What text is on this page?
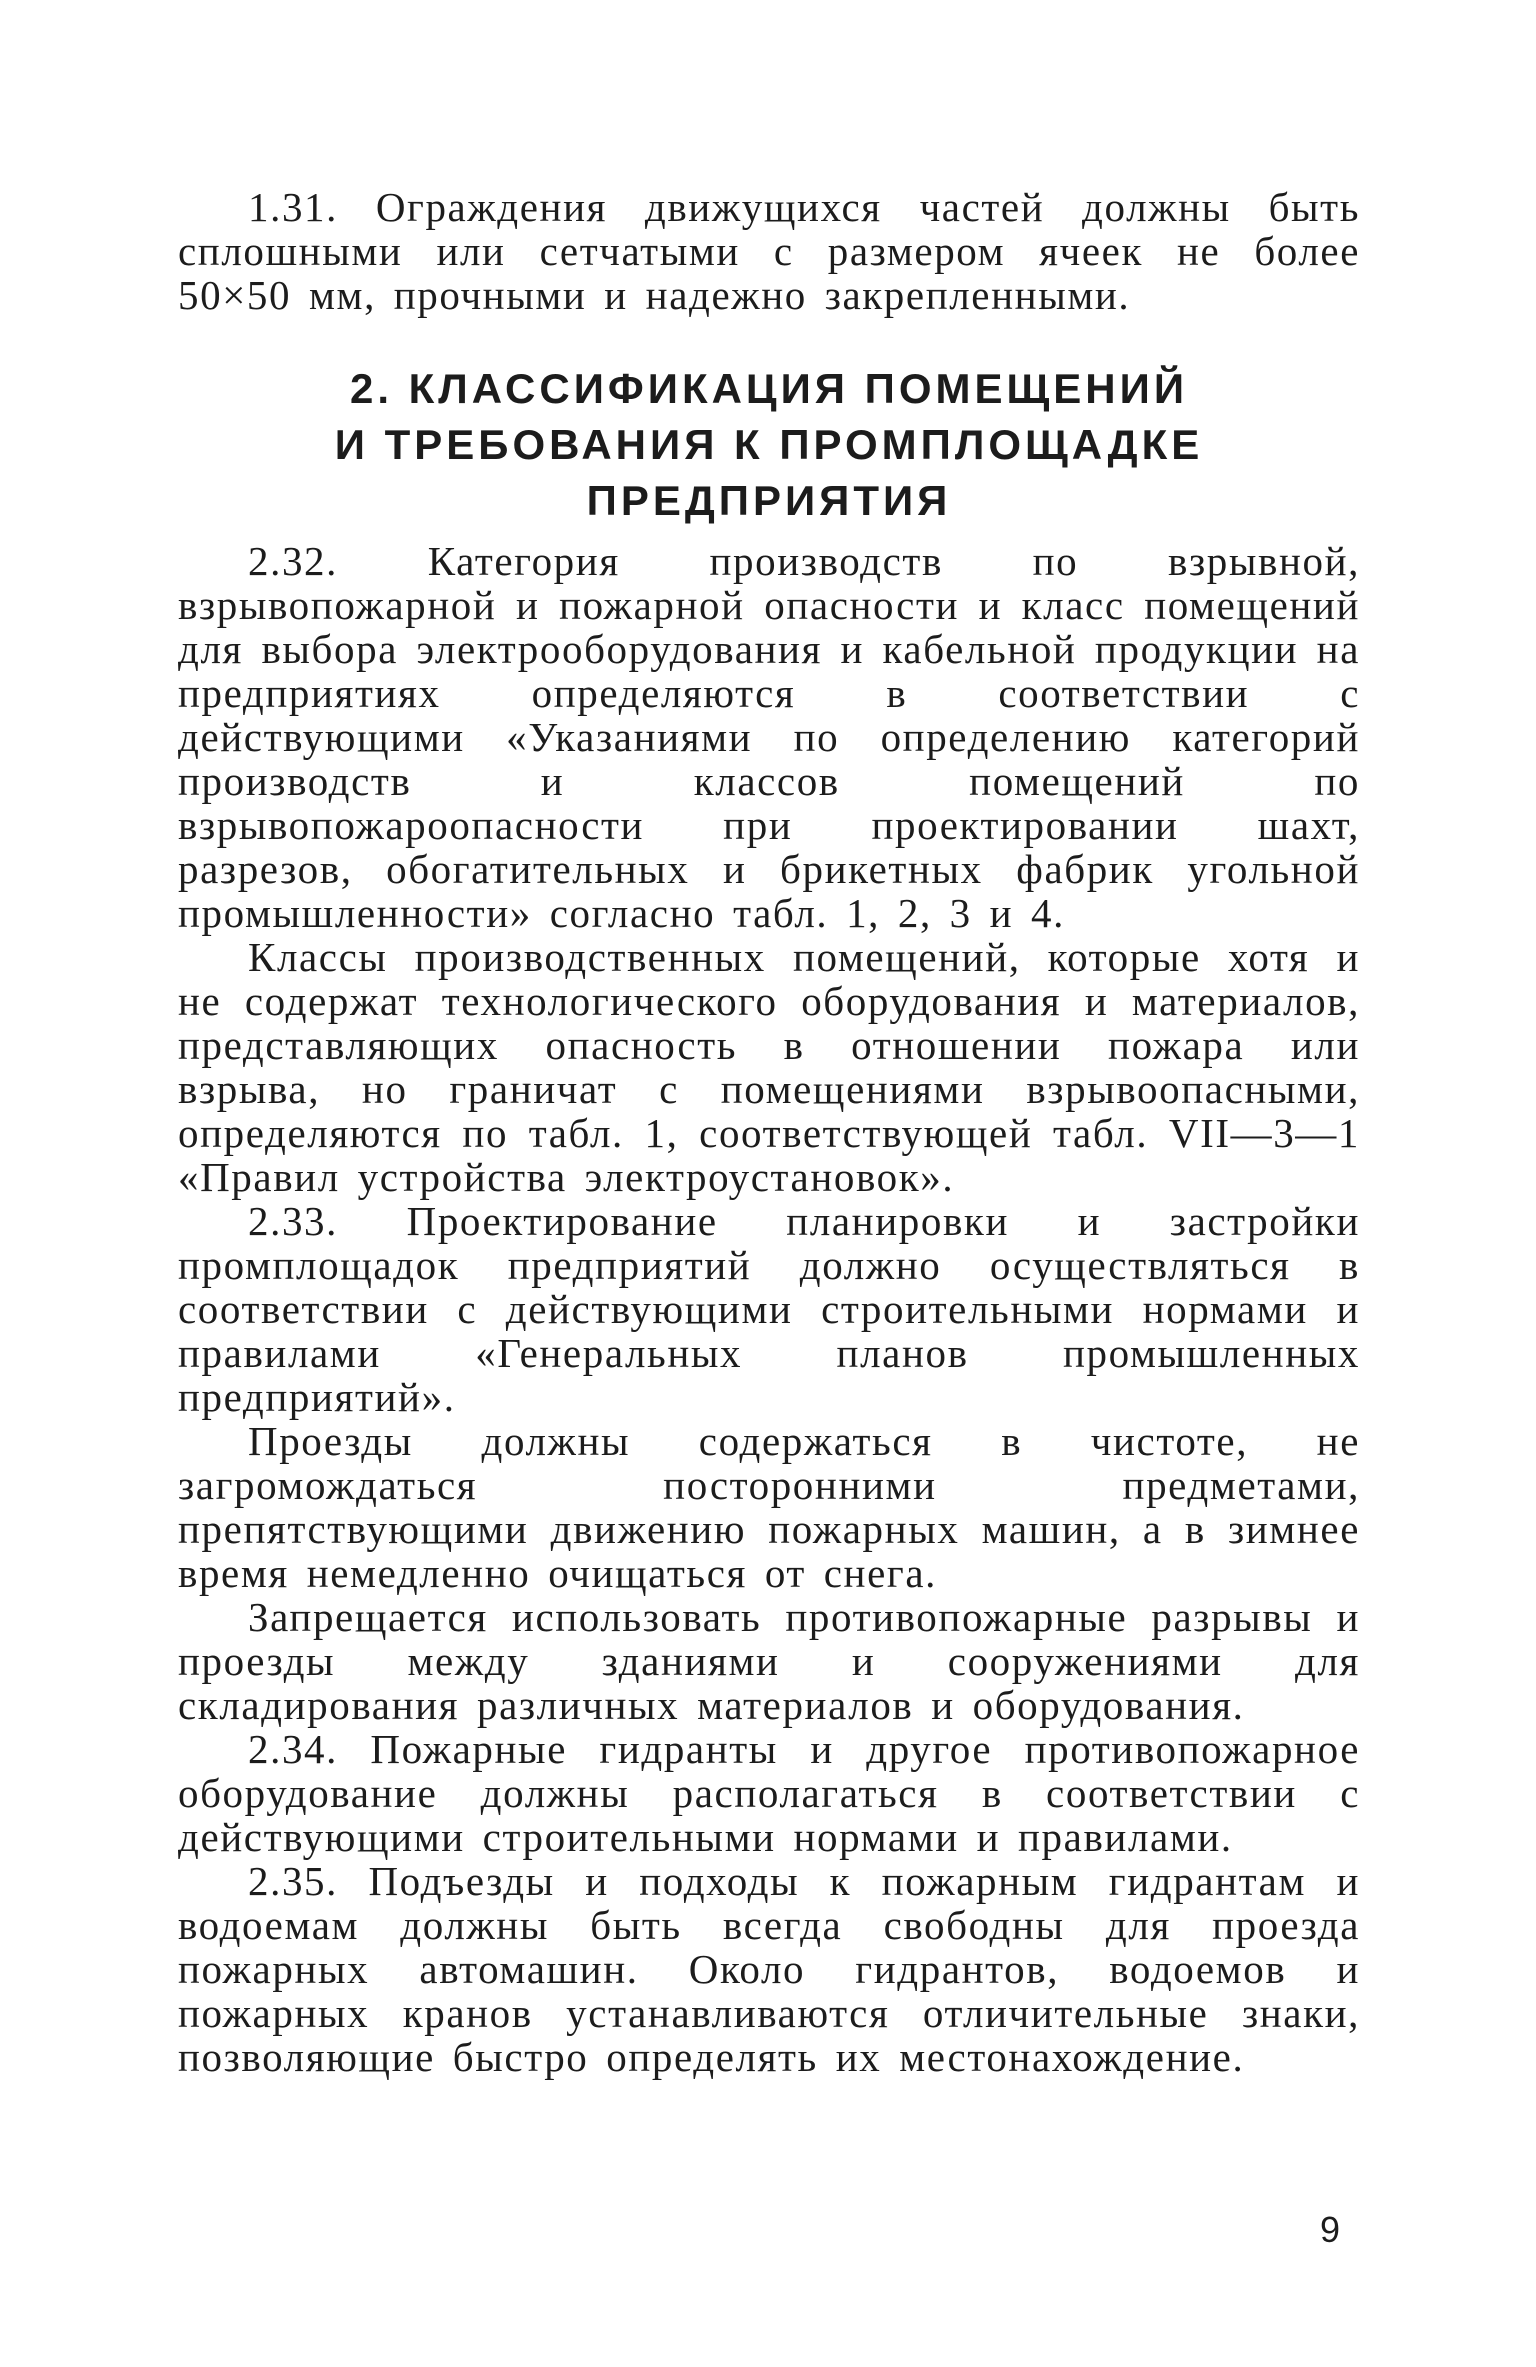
1.31. Ограждения движущихся частей должны быть сплошными или сетчатыми с размером ячеек не более 50×50 мм, прочными и надежно закрепленными.

2. КЛАССИФИКАЦИЯ ПОМЕЩЕНИЙ
И ТРЕБОВАНИЯ К ПРОМПЛОЩАДКЕ
ПРЕДПРИЯТИЯ

2.32. Категория производств по взрывной, взрывопожарной и пожарной опасности и класс помещений для выбора электрооборудования и кабельной продукции на предприятиях определяются в соответствии с действующими «Указаниями по определению категорий производств и классов помещений по взрывопожароопасности при проектировании шахт, разрезов, обогатительных и брикетных фабрик угольной промышленности» согласно табл. 1, 2, 3 и 4.

Классы производственных помещений, которые хотя и не содержат технологического оборудования и материалов, представляющих опасность в отношении пожара или взрыва, но граничат с помещениями взрывоопасными, определяются по табл. 1, соответствующей табл. VII—3—1 «Правил устройства электроустановок».

2.33. Проектирование планировки и застройки промплощадок предприятий должно осуществляться в соответствии с действующими строительными нормами и правилами «Генеральных планов промышленных предприятий».

Проезды должны содержаться в чистоте, не загромождаться посторонними предметами, препятствующими движению пожарных машин, а в зимнее время немедленно очищаться от снега.

Запрещается использовать противопожарные разрывы и проезды между зданиями и сооружениями для складирования различных материалов и оборудования.

2.34. Пожарные гидранты и другое противопожарное оборудование должны располагаться в соответствии с действующими строительными нормами и правилами.

2.35. Подъезды и подходы к пожарным гидрантам и водоемам должны быть всегда свободны для проезда пожарных автомашин. Около гидрантов, водоемов и пожарных кранов устанавливаются отличительные знаки, позволяющие быстро определять их местонахождение.

9
